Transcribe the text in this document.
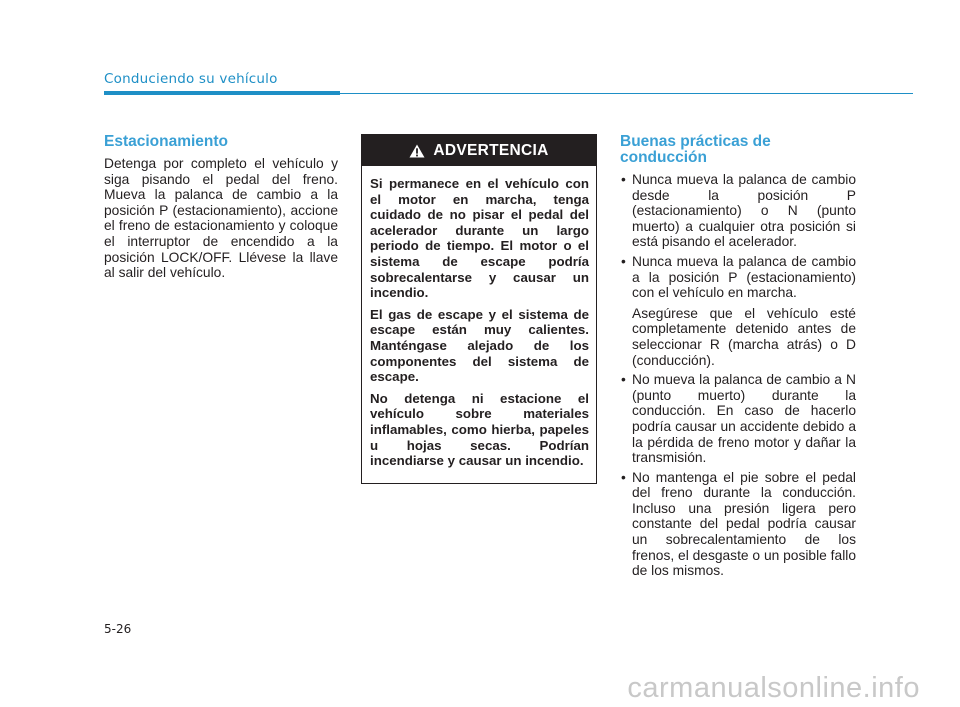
Conduciendo su vehículo
Estacionamiento

Detenga por completo el vehículo y siga pisando el pedal del freno. Mueva la palanca de cambio a la posición P (estacionamiento), accione el freno de estacionamiento y coloque el interruptor de encendido a la posición LOCK/OFF. Llévese la llave al salir del vehículo.

ADVERTENCIA

Si permanece en el vehículo con el motor en marcha, tenga cuidado de no pisar el pedal del acelerador durante un largo periodo de tiempo. El motor o el sistema de escape podría sobrecalentarse y causar un incendio.

El gas de escape y el sistema de escape están muy calientes. Manténgase alejado de los componentes del sistema de escape.

No detenga ni estacione el vehículo sobre materiales inflamables, como hierba, papeles u hojas secas. Podrían incendiarse y causar un incendio.

Buenas prácticas de conducción
• Nunca mueva la palanca de cambio desde la posición P (estacionamiento) o N (punto muerto) a cualquier otra posición si está pisando el acelerador.

• Nunca mueva la palanca de cambio a la posición P (estacionamiento) con el vehículo en marcha.

Asegúrese que el vehículo esté completamente detenido antes de seleccionar R (marcha atrás) o D (conducción).

• No mueva la palanca de cambio a N (punto muerto) durante la conducción. En caso de hacerlo podría causar un accidente debido a la pérdida de freno motor y dañar la transmisión.

• No mantenga el pie sobre el pedal del freno durante la conducción. Incluso una presión ligera pero constante del pedal podría causar un sobrecalentamiento de los frenos, el desgaste o un posible fallo de los mismos.

5-26
carmanualsonline.info
